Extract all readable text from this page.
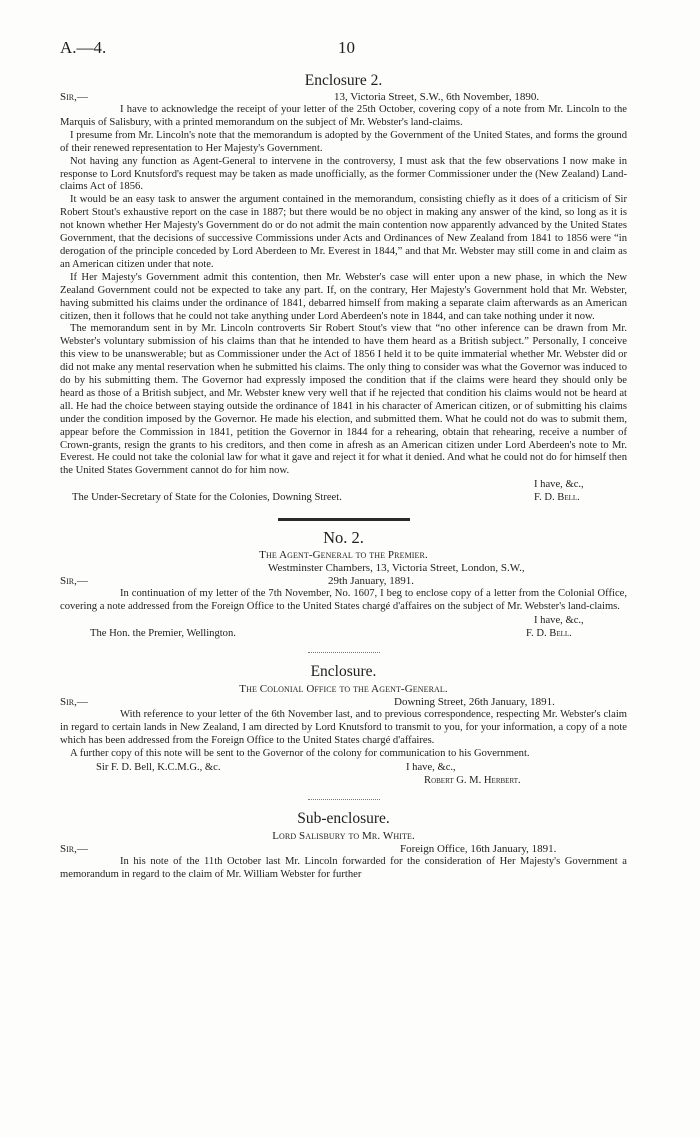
A.—4.	10
Enclosure 2.
Sir,—	13, Victoria Street, S.W., 6th November, 1890.

I have to acknowledge the receipt of your letter of the 25th October, covering copy of a note from Mr. Lincoln to the Marquis of Salisbury, with a printed memorandum on the subject of Mr. Webster's land-claims.

I presume from Mr. Lincoln's note that the memorandum is adopted by the Government of the United States, and forms the ground of their renewed representation to Her Majesty's Government.

Not having any function as Agent-General to intervene in the controversy, I must ask that the few observations I now make in response to Lord Knutsford's request may be taken as made unofficially, as the former Commissioner under the (New Zealand) Land-claims Act of 1856.

It would be an easy task to answer the argument contained in the memorandum, consisting chiefly as it does of a criticism of Sir Robert Stout's exhaustive report on the case in 1887; but there would be no object in making any answer of the kind, so long as it is not known whether Her Majesty's Government do or do not admit the main contention now apparently advanced by the United States Government, that the decisions of successive Commissions under Acts and Ordinances of New Zealand from 1841 to 1856 were “in derogation of the principle conceded by Lord Aberdeen to Mr. Everest in 1844,” and that Mr. Webster may still come in and claim as an American citizen under that note.

If Her Majesty's Government admit this contention, then Mr. Webster's case will enter upon a new phase, in which the New Zealand Government could not be expected to take any part. If, on the contrary, Her Majesty's Government hold that Mr. Webster, having submitted his claims under the ordinance of 1841, debarred himself from making a separate claim afterwards as an American citizen, then it follows that he could not take anything under Lord Aberdeen's note in 1844, and can take nothing under it now.

The memorandum sent in by Mr. Lincoln controverts Sir Robert Stout's view that “no other inference can be drawn from Mr. Webster's voluntary submission of his claims than that he intended to have them heard as a British subject.” Personally, I conceive this view to be unanswerable; but as Commissioner under the Act of 1856 I held it to be quite immaterial whether Mr. Webster did or did not make any mental reservation when he submitted his claims. The only thing to consider was what the Governor was induced to do by his submitting them. The Governor had expressly imposed the condition that if the claims were heard they should only be heard as those of a British subject, and Mr. Webster knew very well that if he rejected that condition his claims would not be heard at all. He had the choice between staying outside the ordinance of 1841 in his character of American citizen, or of submitting his claims under the condition imposed by the Governor. He made his election, and submitted them. What he could not do was to submit them, appear before the Commission in 1841, petition the Governor in 1844 for a rehearing, obtain that rehearing, receive a number of Crown-grants, resign the grants to his creditors, and then come in afresh as an American citizen under Lord Aberdeen's note to Mr. Everest. He could not take the colonial law for what it gave and reject it for what it denied. And what he could not do for himself then the United States Government cannot do for him now.

I have, &c.,
The Under-Secretary of State for the Colonies, Downing Street.	F. D. Bell.
No. 2.

The Agent-General to the Premier.

Westminster Chambers, 13, Victoria Street, London, S.W.,
Sir,—	29th January, 1891.

In continuation of my letter of the 7th November, No. 1607, I beg to enclose copy of a letter from the Colonial Office, covering a note addressed from the Foreign Office to the United States chargé d'affaires on the subject of Mr. Webster's land-claims.

I have, &c.,
The Hon. the Premier, Wellington.	F. D. Bell.
Enclosure.

The Colonial Office to the Agent-General.

Sir,—	Downing Street, 26th January, 1891.

With reference to your letter of the 6th November last, and to previous correspondence, respecting Mr. Webster's claim in regard to certain lands in New Zealand, I am directed by Lord Knutsford to transmit to you, for your information, a copy of a note which has been addressed from the Foreign Office to the United States chargé d'affaires.

A further copy of this note will be sent to the Governor of the colony for communication to his Government.

Sir F. D. Bell, K.C.M.G., &c.	I have, &c.,
Robert G. M. Herbert.
Sub-enclosure.

Lord Salisbury to Mr. White.

Sir,—	Foreign Office, 16th January, 1891.

In his note of the 11th October last Mr. Lincoln forwarded for the consideration of Her Majesty's Government a memorandum in regard to the claim of Mr. William Webster for further
